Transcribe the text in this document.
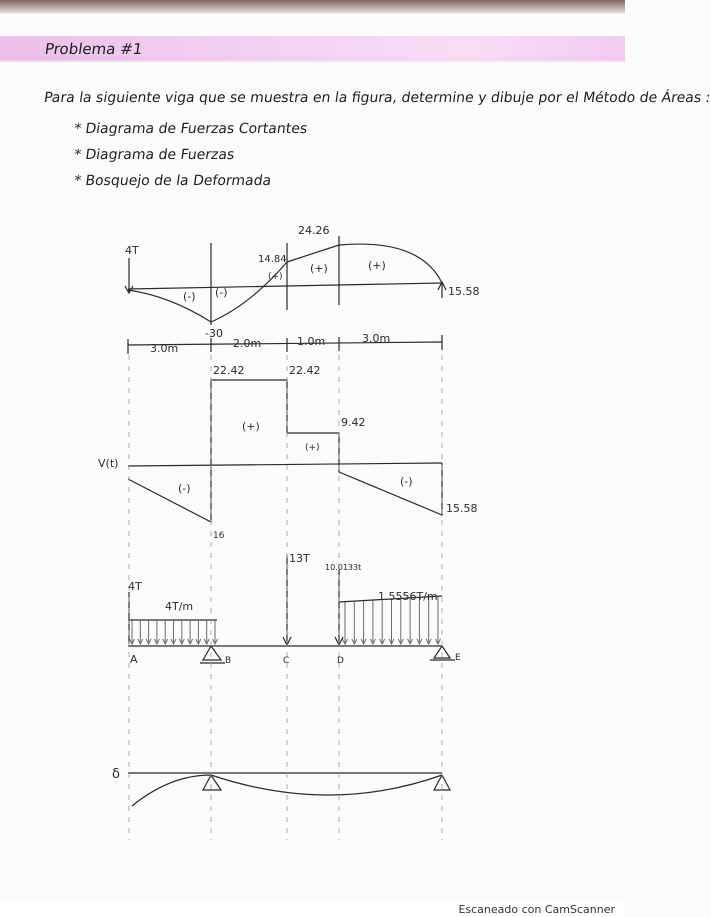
Problema #1
Para la siguiente viga que se muestra en la figura, determine y dibuje por el Método de Áreas :
* Diagrama de Fuerzas Cortantes
* Diagrama de Fuerzas
* Bosquejo de la Deformada
4T
-30
14.84
24.26
15.58
(-) (-)
(+)
(+)	(+)
3.0m	2.0m	1.0m	3.0m
V(t)
22.42	22.42
9.42
16
15.58
(-)
(+)
(+)
(-)
4T
4T/m
13T
10.0133t
1.5556T/m
A	B	C	D	E
δ
Escaneado con CamScanner
